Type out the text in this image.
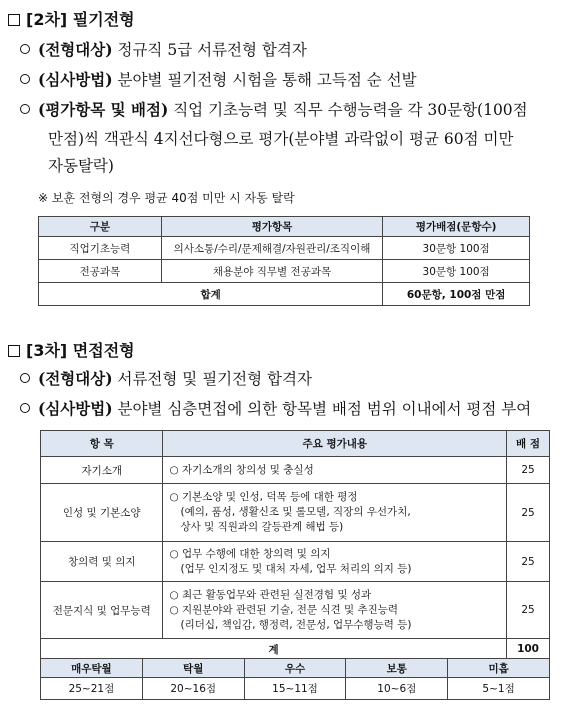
[2차] 필기전형
(전형대상) 정규직 5급 서류전형 합격자
(심사방법) 분야별 필기전형 시험을 통해 고득점 순 선발
(평가항목 및 배점) 직업 기초능력 및 직무 수행능력을 각 30문항(100점
만점)씩 객관식 4지선다형으로 평가(분야별 과락없이 평균 60점 미만
자동탈락)
※ 보훈 전형의 경우 평균 40점 미만 시 자동 탈락
구분	평가항목	평가배점(문항수)
직업기초능력	의사소통/수리/문제해결/자원관리/조직이해	30문항 100점
전공과목	채용분야 직무별 전공과목	30문항 100점
합계		60문항, 100점 만점
[3차] 면접전형
(전형대상) 서류전형 및 필기전형 합격자
(심사방법) 분야별 심층면접에 의한 항목별 배점 범위 이내에서 평점 부여
항 목	주요 평가내용	배 점
자기소개	○ 자기소개의 창의성 및 충실성	25
인성 및 기본소양	○ 기본소양 및 인성, 덕목 등에 대한 평정
(예의, 품성, 생활신조 및 롤모델, 직장의 우선가치,
상사 및 직원과의 갈등관계 해법 등)	25
창의력 및 의지	○ 업무 수행에 대한 창의력 및 의지
(업무 인지정도 및 대처 자세, 업무 처리의 의지 등)	25
전문지식 및 업무능력	○ 최근 활동업무와 관련된 실전경험 및 성과
○ 지원분야와 관련된 기술, 전문 식견 및 추진능력
(리더십, 책임감, 행정력, 전문성, 업무수행능력 등)	25
계		100
매우탁월	탁월	우수	보통	미흡
25~21점	20~16점	15~11점	10~6점	5~1점
